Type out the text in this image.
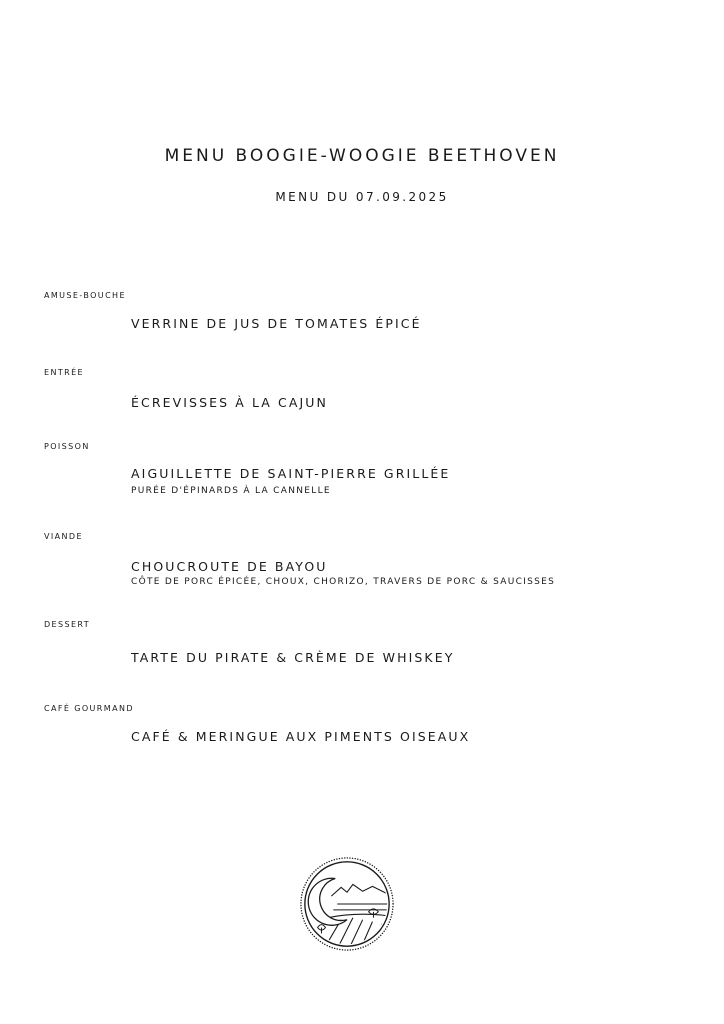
MENU BOOGIE-WOOGIE BEETHOVEN

MENU DU 07.09.2025

AMUSE-BOUCHE
VERRINE DE JUS DE TOMATES ÉPICÉ
ENTRÉE
ÉCREVISSES À LA CAJUN
POISSON
AIGUILLETTE DE SAINT-PIERRE GRILLÉE
PURÉE D'ÉPINARDS À LA CANNELLE
VIANDE
CHOUCROUTE DE BAYOU
CÔTE DE PORC ÉPICÉE, CHOUX, CHORIZO, TRAVERS DE PORC & SAUCISSES
DESSERT
TARTE DU PIRATE & CRÈME DE WHISKEY
CAFÉ GOURMAND
CAFÉ & MERINGUE AUX PIMENTS OISEAUX
